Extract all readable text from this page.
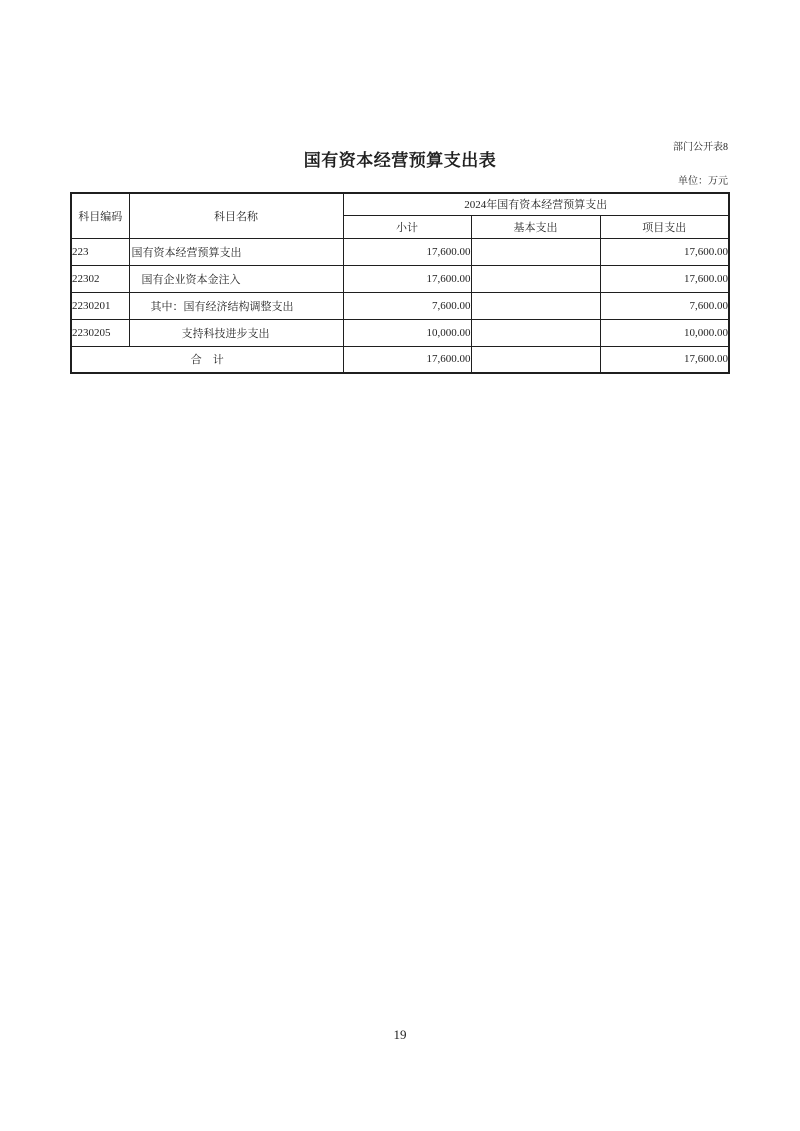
部门公开表8
国有资本经营预算支出表
单位：万元
科目编码	科目名称	2024年国有资本经营预算支出		
		小计	基本支出	项目支出
223	国有资本经营预算支出	17,600.00		17,600.00
22302	国有企业资本金注入	17,600.00		17,600.00
2230201	其中：国有经济结构调整支出	7,600.00		7,600.00
2230205	支持科技进步支出	10,000.00		10,000.00
合　计		17,600.00		17,600.00
19
